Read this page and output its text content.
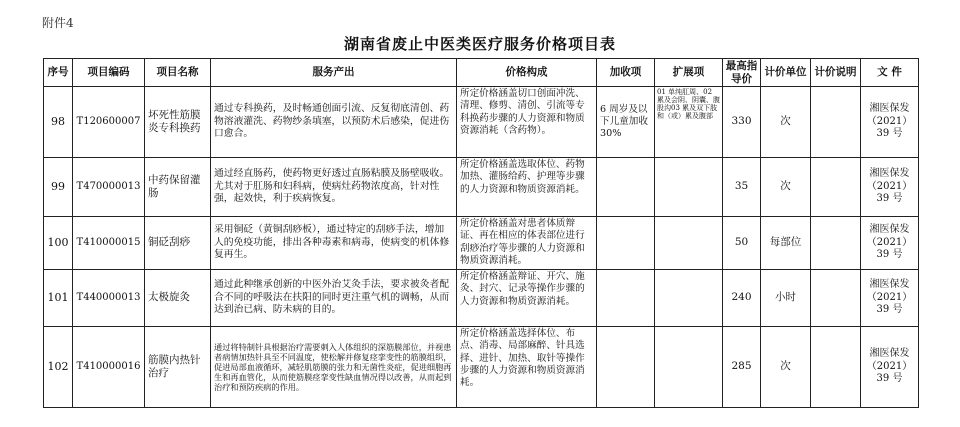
附件4
湖南省废止中医类医疗服务价格项目表
序号	项目编码	项目名称	服务产出	价格构成	加收项	扩展项	最高指导价	计价单位	计价说明	文 件
98	T120600007	坏死性筋膜炎专科换药	通过专科换药，及时畅通创面引流、反复彻底清创、药物溶液灌洗、药物纱条填塞，以预防术后感染，促进伤口愈合。	所定价格涵盖切口创面冲洗、清理、修剪、清创、引流等专科换药步骤的人力资源和物质资源消耗（含药物）。	6 周岁及以下儿童加收 30%	01 单纯肛周、02 累及会阴、阴囊、腹股沟03 累及双下肢和（或）累及腹部	330	次		湘医保发（2021）39 号
99	T470000013	中药保留灌肠	通过经直肠药，使药物更好透过直肠粘膜及肠壁吸收。尤其对于肛肠和妇科病，使病灶药物浓度高，针对性强，起效快，利于疾病恢复。	所定价格涵盖选取体位、药物加热、灌肠给药、护理等步骤的人力资源和物质资源消耗。			35	次		湘医保发（2021）39 号
100	T410000015	铜砭刮痧	采用铜砭（黄铜刮痧板），通过特定的刮痧手法，增加人的免疫功能，排出各种毒素和病毒，使病变的机体修复再生。	所定价格涵盖对患者体质辩证、再在相应的体表部位进行刮痧治疗等步骤的人力资源和物质资源消耗。			50	每部位		湘医保发（2021）39 号
101	T440000013	太极旋灸	通过此种继承创新的中医外治艾灸手法，要求被灸者配合不同的呼吸法在扶阳的同时更注重气机的调畅，从而达到治已病、防未病的目的。	所定价格涵盖辩证、开穴、施灸、封穴、记录等操作步骤的人力资源和物质资源消耗。			240	小时		湘医保发（2021）39 号
102	T410000016	筋膜内热针治疗	通过将特制针具根据治疗需要刺入人体组织的深筋膜部位，并视患者病情加热针具至不同温度，使松解并修复痉挛变性的筋膜组织，促进局部血液循环，减轻肌筋膜的张力和无菌性炎症，促进细胞再生和再血管化，从而使筋膜痉挛变性缺血情况得以改善，从而起到治疗和预防疾病的作用。	所定价格涵盖选择体位、布点、消毒、局部麻醉、针具选择、进针、加热、取针等操作步骤的人力资源和物质资源消耗。			285	次		湘医保发（2021）39 号
